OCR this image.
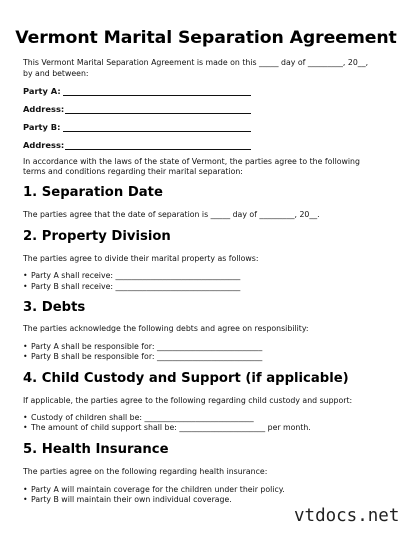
Vermont Marital Separation Agreement
This Vermont Marital Separation Agreement is made on this _____ day of _________, 20__,
by and between:
Party A:
Address:
Party B:
Address:
In accordance with the laws of the state of Vermont, the parties agree to the following
terms and conditions regarding their marital separation:
1. Separation Date
The parties agree that the date of separation is _____ day of _________, 20__.
2. Property Division
The parties agree to divide their marital property as follows:
• Party A shall receive: ________________________________
• Party B shall receive: ________________________________
3. Debts
The parties acknowledge the following debts and agree on responsibility:
• Party A shall be responsible for: ___________________________
• Party B shall be responsible for: ___________________________
4. Child Custody and Support (if applicable)
If applicable, the parties agree to the following regarding child custody and support:
• Custody of children shall be: ____________________________
• The amount of child support shall be: ______________________ per month.
5. Health Insurance
The parties agree on the following regarding health insurance:
• Party A will maintain coverage for the children under their policy.
• Party B will maintain their own individual coverage.
vtdocs.net
